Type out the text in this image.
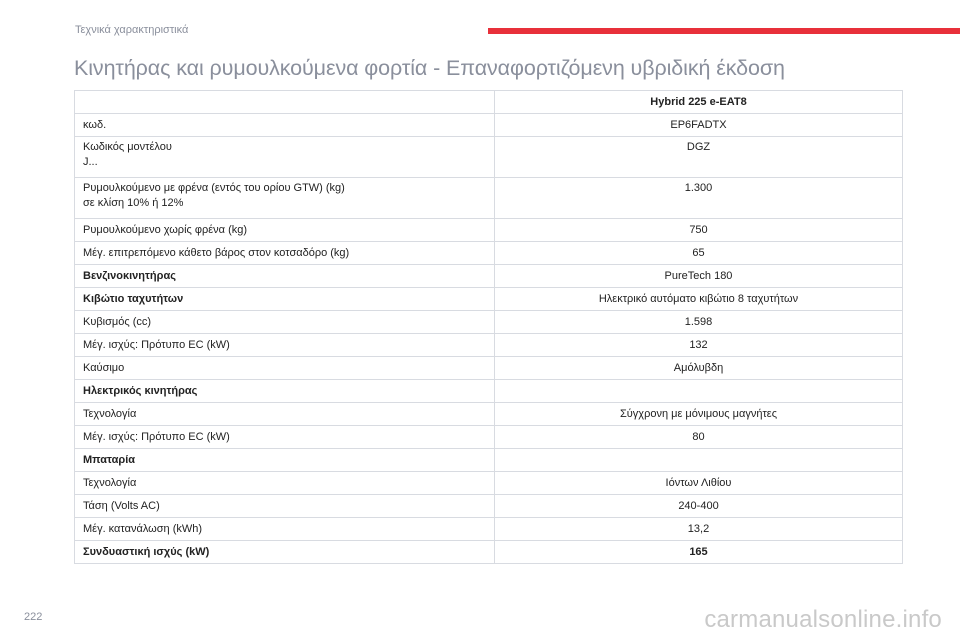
Τεχνικά χαρακτηριστικά
Κινητήρας και ρυμουλκούμενα φορτία - Επαναφορτιζόμενη υβριδική έκδοση
	Hybrid 225 e-EAT8
κωδ.	EP6FADTX

Κωδικός μοντέλου
J...	DGZ

Ρυμουλκούμενο με φρένα (εντός του ορίου GTW) (kg)
σε κλίση 10% ή 12%	1.300
Ρυμουλκούμενο χωρίς φρένα (kg)	750
Μέγ. επιτρεπόμενο κάθετο βάρος στον κοτσαδόρο (kg)	65
Βενζινοκινητήρας	PureTech 180
Κιβώτιο ταχυτήτων	Ηλεκτρικό αυτόματο κιβώτιο 8 ταχυτήτων
Κυβισμός (cc)	1.598
Μέγ. ισχύς: Πρότυπο EC (kW)	132
Καύσιμο	Αμόλυβδη
Ηλεκτρικός κινητήρας	
Τεχνολογία	Σύγχρονη με μόνιμους μαγνήτες
Μέγ. ισχύς: Πρότυπο EC (kW)	80
Μπαταρία	
Τεχνολογία	Ιόντων Λιθίου
Τάση (Volts AC)	240-400
Μέγ. κατανάλωση (kWh)	13,2
Συνδυαστική ισχύς (kW)	165
222	carmanualsonline.info
